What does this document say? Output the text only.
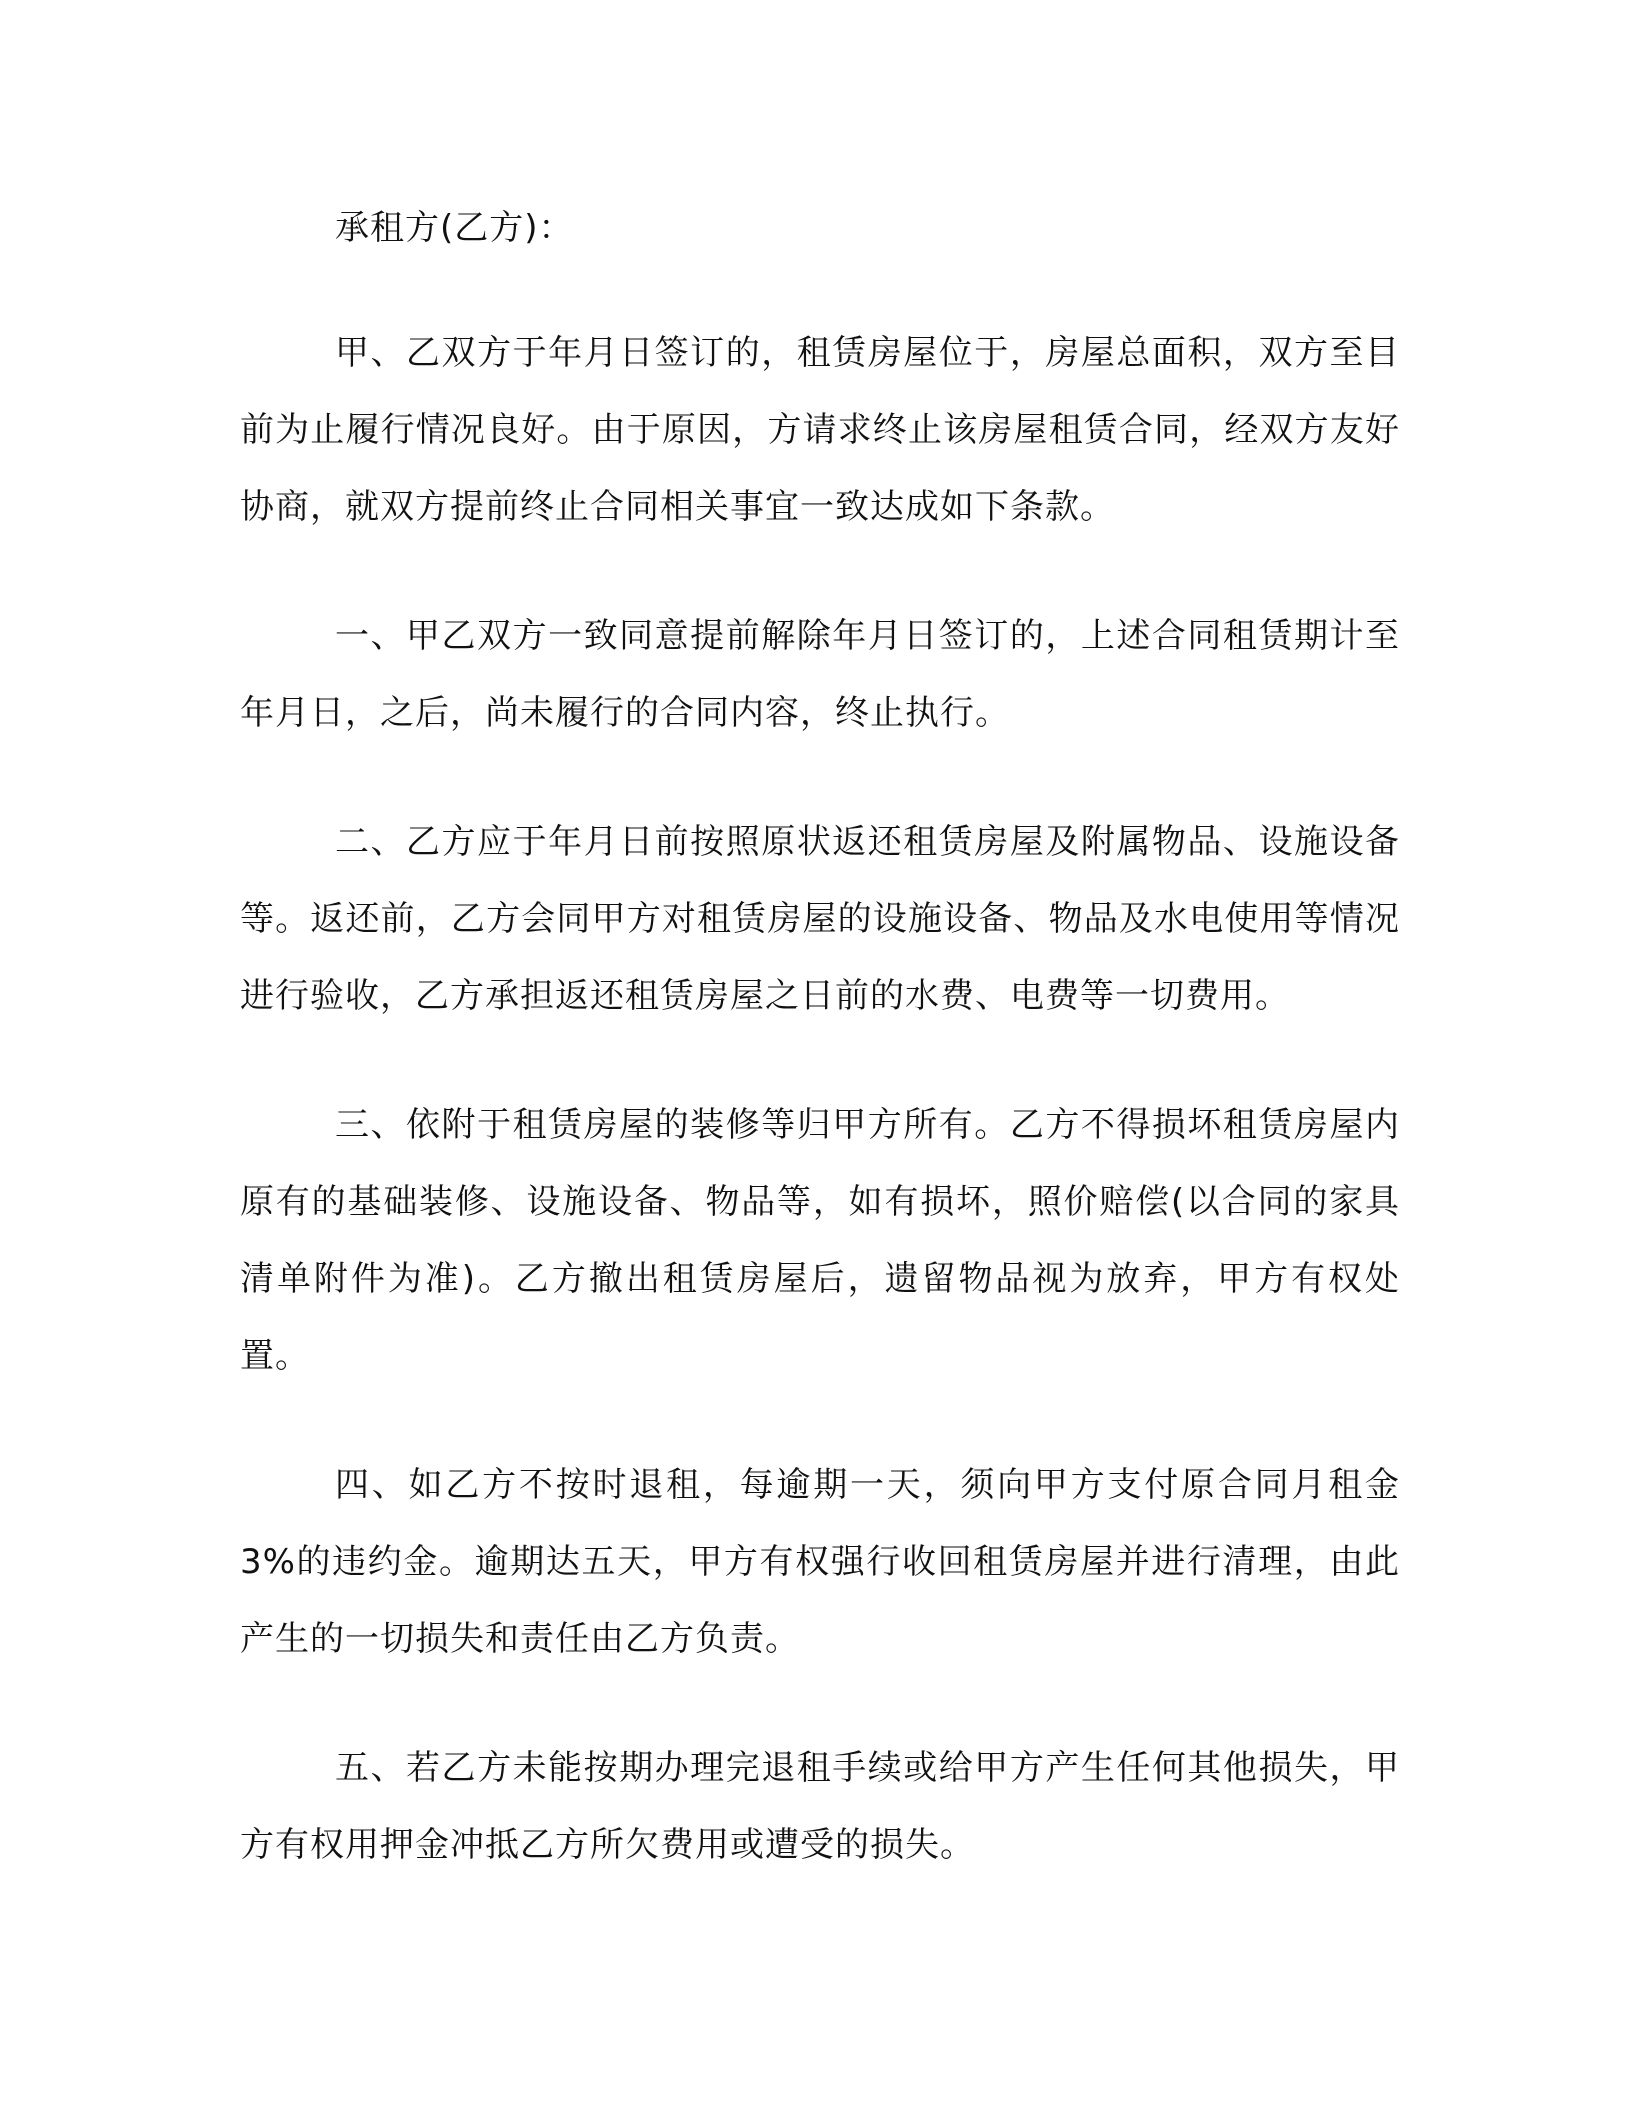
承租方(乙方)：

甲、乙双方于年月日签订的，租赁房屋位于，房屋总面积，双方至目前为止履行情况良好。由于原因，方请求终止该房屋租赁合同，经双方友好协商，就双方提前终止合同相关事宜一致达成如下条款。

一、甲乙双方一致同意提前解除年月日签订的，上述合同租赁期计至年月日，之后，尚未履行的合同内容，终止执行。

二、乙方应于年月日前按照原状返还租赁房屋及附属物品、设施设备等。返还前，乙方会同甲方对租赁房屋的设施设备、物品及水电使用等情况进行验收，乙方承担返还租赁房屋之日前的水费、电费等一切费用。

三、依附于租赁房屋的装修等归甲方所有。乙方不得损坏租赁房屋内原有的基础装修、设施设备、物品等，如有损坏，照价赔偿(以合同的家具清单附件为准)。乙方撤出租赁房屋后，遗留物品视为放弃，甲方有权处置。

四、如乙方不按时退租，每逾期一天，须向甲方支付原合同月租金 3%的违约金。逾期达五天，甲方有权强行收回租赁房屋并进行清理，由此产生的一切损失和责任由乙方负责。

五、若乙方未能按期办理完退租手续或给甲方产生任何其他损失，甲方有权用押金冲抵乙方所欠费用或遭受的损失。
